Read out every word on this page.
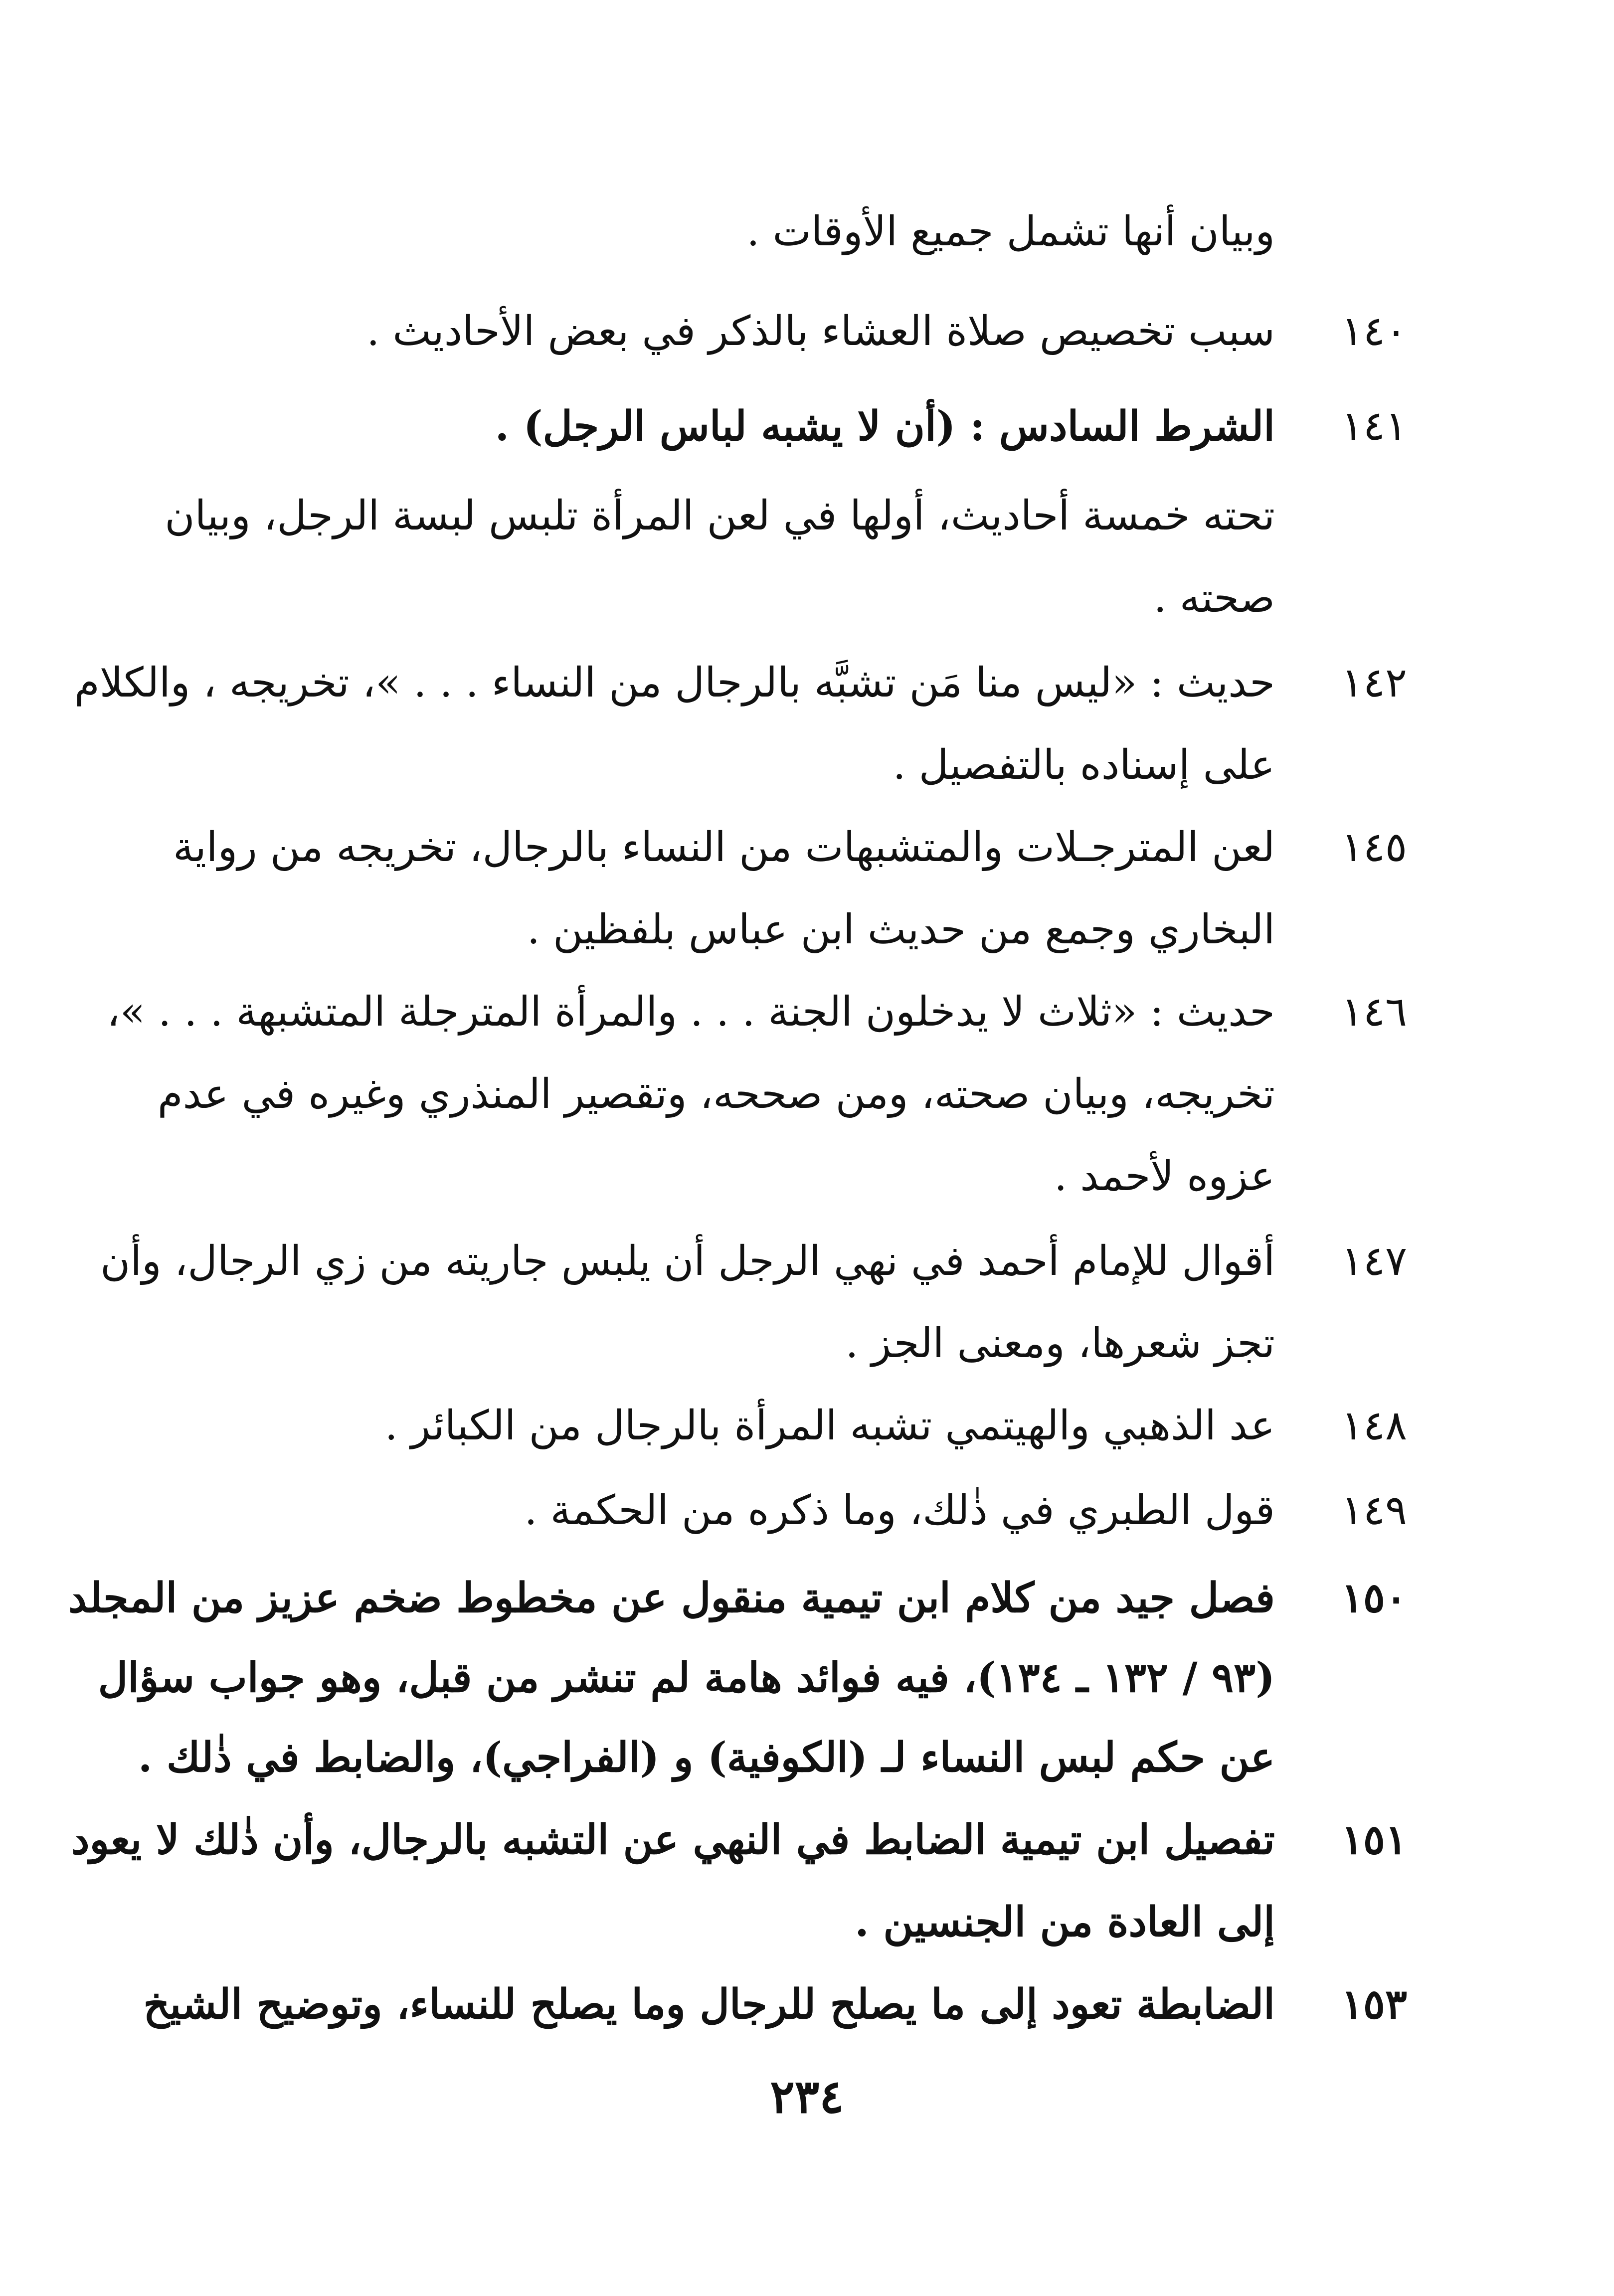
وبيان أنها تشمل جميع الأوقات .
١٤٠
سبب تخصيص صلاة العشاء بالذكر في بعض الأحاديث .
١٤١
الشرط السادس : (أن لا يشبه لباس الرجل) .
تحته خمسة أحاديث، أولها في لعن المرأة تلبس لبسة الرجل، وبيان
صحته .
١٤٢
حديث : «ليس منا مَن تشبَّه بالرجال من النساء . . . »، تخريجه ، والكلام
على إسناده بالتفصيل .
١٤٥
لعن المترجـلات والمتشبهات من النساء بالرجال، تخريجه من رواية
البخاري وجمع من حديث ابن عباس بلفظين .
١٤٦
حديث : «ثلاث لا يدخلون الجنة . . . والمرأة المترجلة المتشبهة . . . »،
تخريجه، وبيان صحته، ومن صححه، وتقصير المنذري وغيره في عدم
عزوه لأحمد .
١٤٧
أقوال للإمام أحمد في نهي الرجل أن يلبس جاريته من زي الرجال، وأن
تجز شعرها، ومعنى الجز .
١٤٨
عد الذهبي والهيتمي تشبه المرأة بالرجال من الكبائر .
١٤٩
قول الطبري في ذٰلك، وما ذكره من الحكمة .
١٥٠
فصل جيد من كلام ابن تيمية منقول عن مخطوط ضخم عزيز من المجلد
(٩٣ / ١٣٢ ـ ١٣٤)، فيه فوائد هامة لم تنشر من قبل، وهو جواب سؤال
عن حكم لبس النساء لـ (الكوفية) و (الفراجي)، والضابط في ذٰلك .
١٥١
تفصيل ابن تيمية الضابط في النهي عن التشبه بالرجال، وأن ذٰلك لا يعود
إلى العادة من الجنسين .
١٥٣
الضابطة تعود إلى ما يصلح للرجال وما يصلح للنساء، وتوضيح الشيخ
٢٣٤
